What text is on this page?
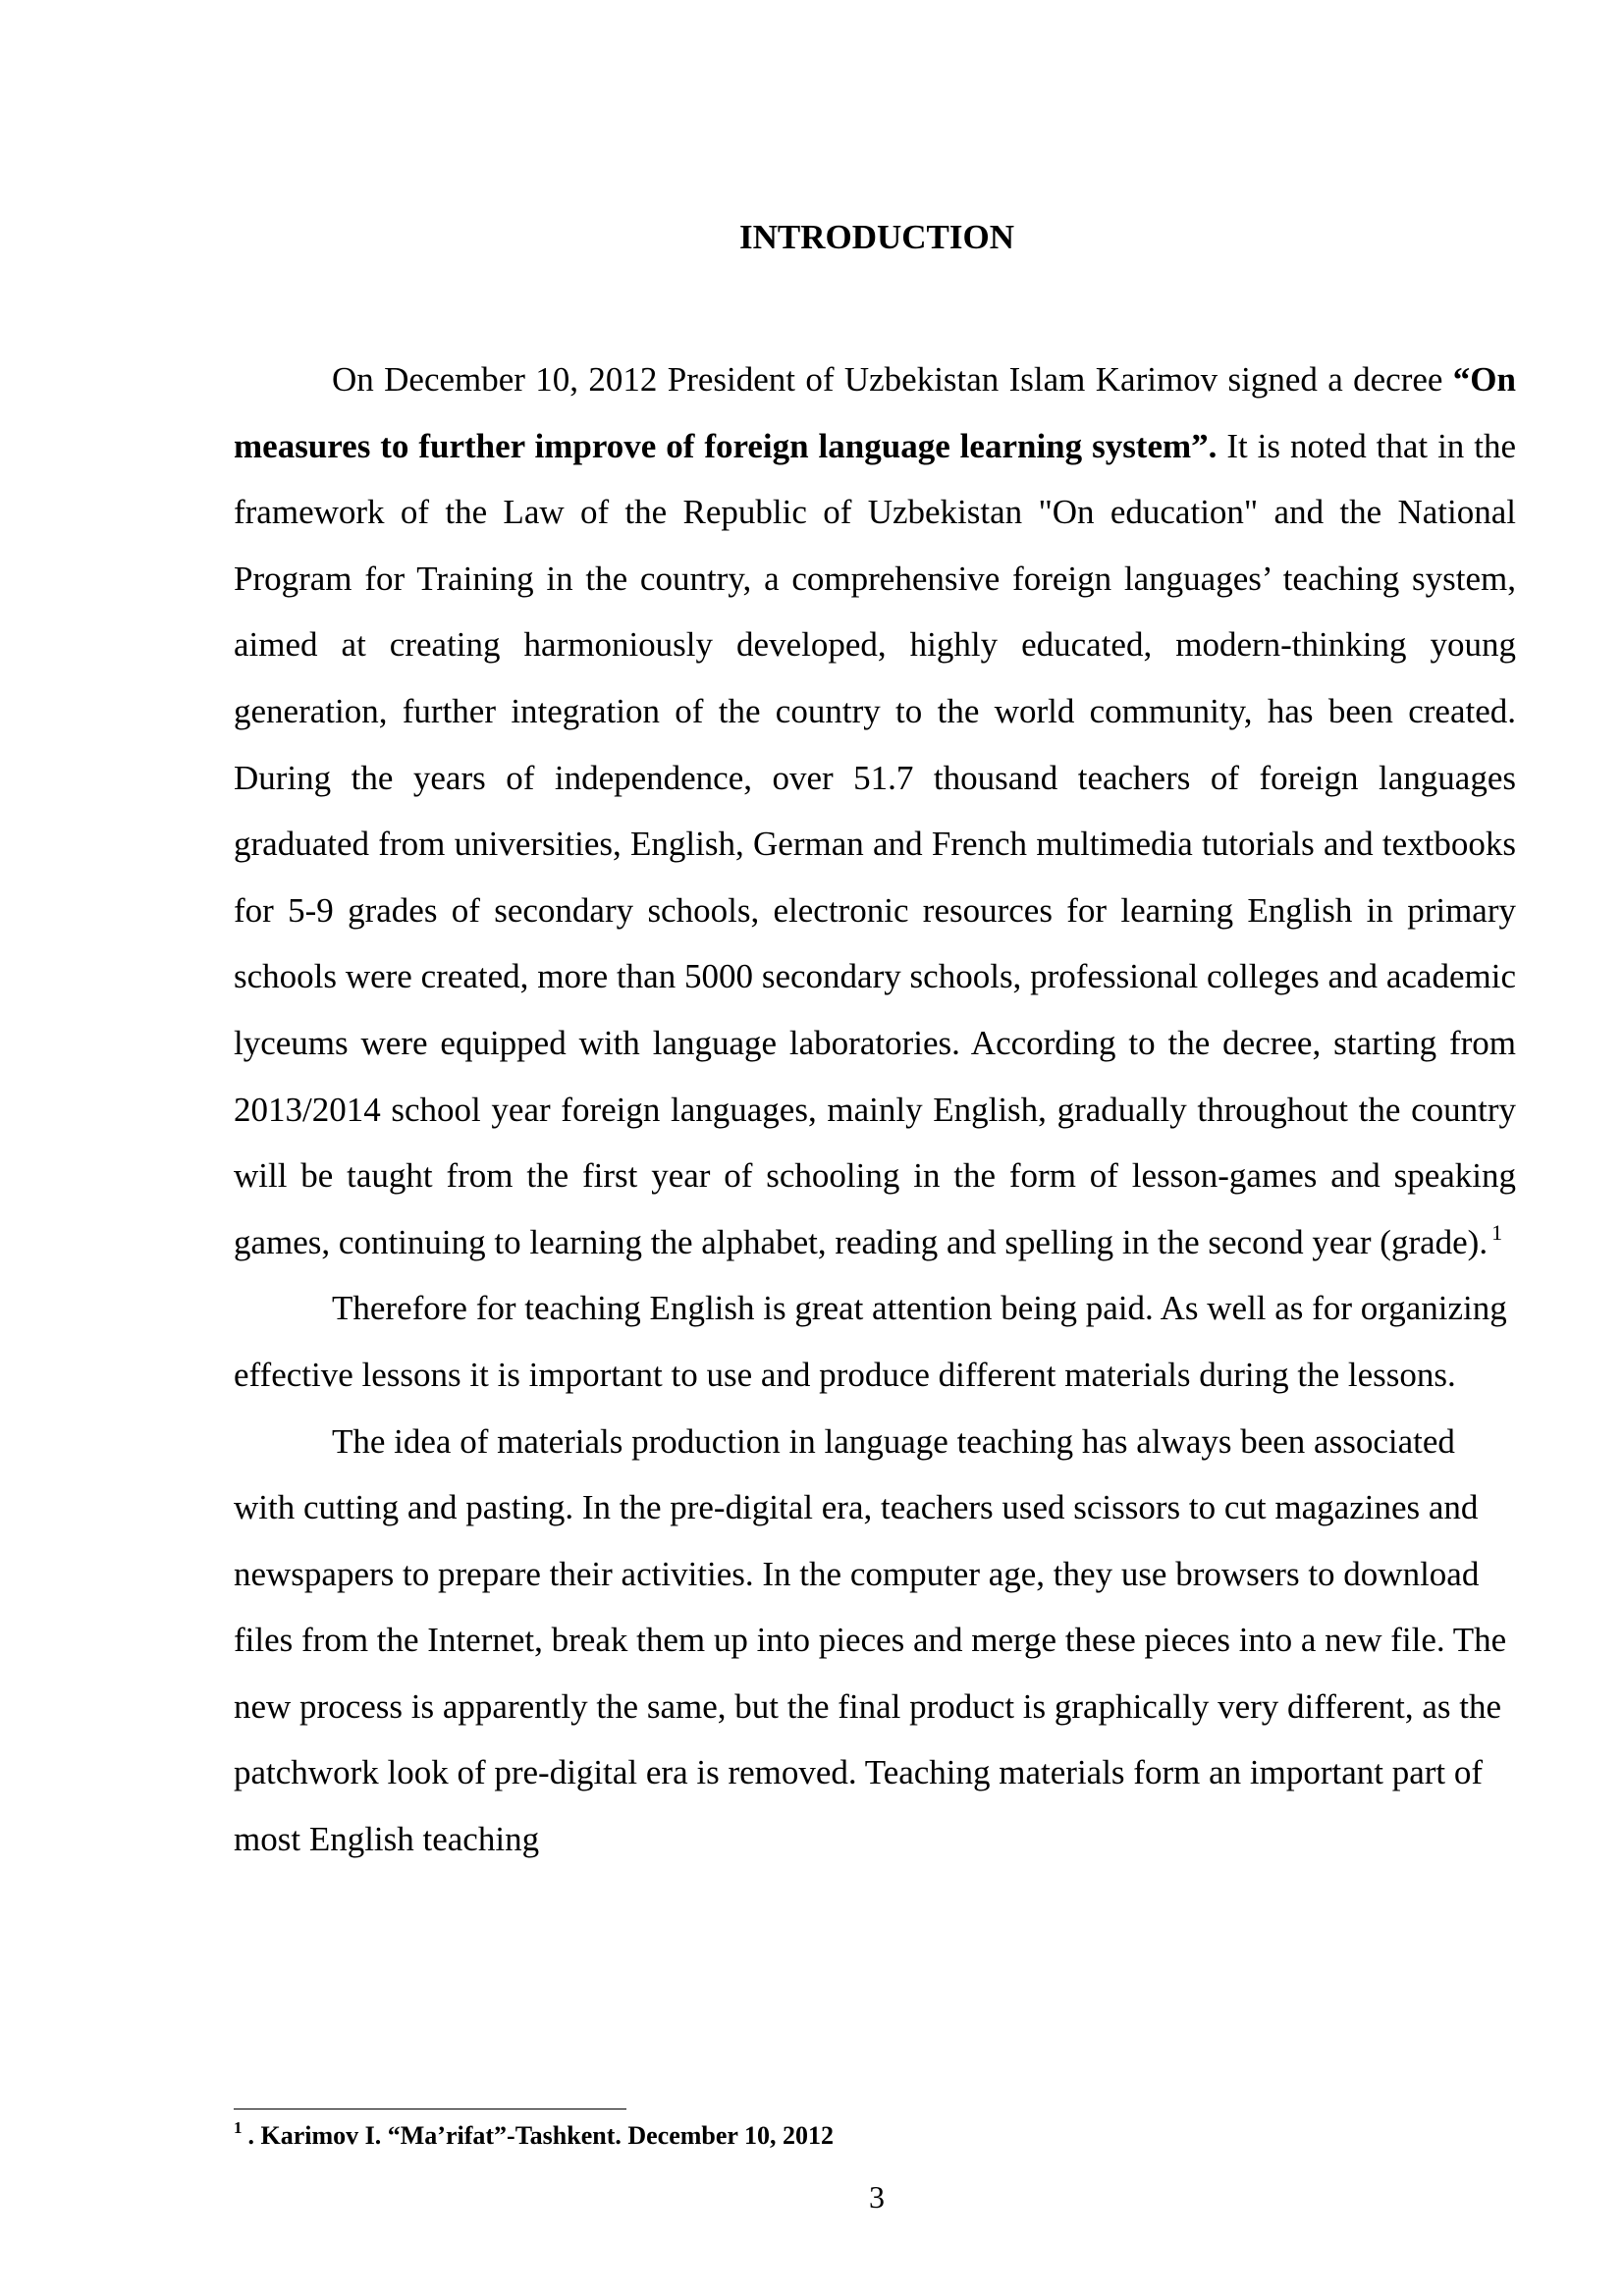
INTRODUCTION

On December 10, 2012 President of Uzbekistan Islam Karimov signed a decree “On measures to further improve of foreign language learning system”. It is noted that in the framework of the Law of the Republic of Uzbekistan "On education" and the National Program for Training in the country, a comprehensive foreign languages’ teaching system, aimed at creating harmoniously developed, highly educated, modern-thinking young generation, further integration of the country to the world community, has been created. During the years of independence, over 51.7 thousand teachers of foreign languages graduated from universities, English, German and French multimedia tutorials and textbooks for 5-9 grades of secondary schools, electronic resources for learning English in primary schools were created, more than 5000 secondary schools, professional colleges and academic lyceums were equipped with language laboratories. According to the decree, starting from 2013/2014 school year foreign languages, mainly English, gradually throughout the country will be taught from the first year of schooling in the form of lesson-games and speaking games, continuing to learning the alphabet, reading and spelling in the second year (grade). $^1$

Therefore for teaching English is great attention being paid. As well as for organizing effective lessons it is important to use and produce different materials during the lessons.

The idea of materials production in language teaching has always been associated with cutting and pasting. In the pre-digital era, teachers used scissors to cut magazines and newspapers to prepare their activities. In the computer age, they use browsers to download files from the Internet, break them up into pieces and merge these pieces into a new file. The new process is apparently the same, but the final product is graphically very different, as the patchwork look of pre-digital era is removed. Teaching materials form an important part of most English teaching

$^1$ . Karimov I. “Ma’rifat”-Tashkent. December 10, 2012

3
